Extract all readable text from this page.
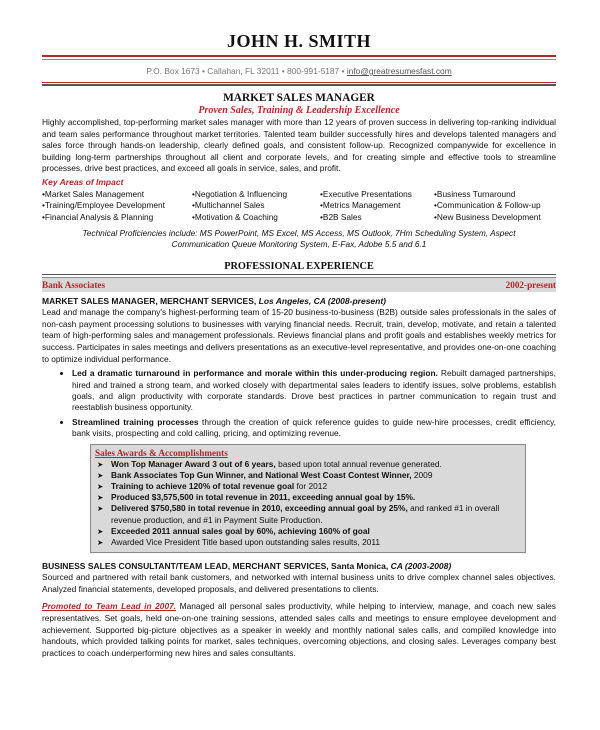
JOHN H. SMITH
P.O. Box 1673 • Callahan, FL 32011 • 800-991-5187 • info@greatresumesfast.com
MARKET SALES MANAGER
Proven Sales, Training & Leadership Excellence

Highly accomplished, top-performing market sales manager with more than 12 years of proven success in delivering top-ranking individual and team sales performance throughout market territories. Talented team builder successfully hires and develops talented managers and sales force through hands-on leadership, clearly defined goals, and consistent follow-up. Recognized companywide for excellence in building long-term partnerships throughout all client and corporate levels, and for creating simple and effective tools to streamline processes, drive best practices, and exceed all goals in service, sales, and profit.

Key Areas of Impact
• Market Sales Management	• Negotiation & Influencing	• Executive Presentations	• Business Turnaround
• Training/Employee Development	• Multichannel Sales	• Metrics Management	• Communication & Follow-up
• Financial Analysis & Planning	• Motivation & Coaching	• B2B Sales	• New Business Development
Technical Proficiencies include: MS PowerPoint, MS Excel, MS Access, MS Outlook, 7Hm Scheduling System, Aspect
Communication Queue Monitoring System, E-Fax, Adobe 5.5 and 6.1
PROFESSIONAL EXPERIENCE
Bank Associates	2002-present
MARKET SALES MANAGER, MERCHANT SERVICES, Los Angeles, CA (2008-present)

Lead and manage the company's highest-performing team of 15-20 business-to-business (B2B) outside sales professionals in the sales of non-cash payment processing solutions to businesses with varying financial needs. Recruit, train, develop, motivate, and retain a talented team of high-performing sales and management professionals. Reviews financial plans and profit goals and establishes weekly metrics for success. Participates in sales meetings and delivers presentations as an executive-level representative, and provides one-on-one coaching to optimize individual performance.

• Led a dramatic turnaround in performance and morale within this under-producing region. Rebuilt damaged partnerships, hired and trained a strong team, and worked closely with departmental sales leaders to identify issues, solve problems, establish goals, and align productivity with corporate standards. Drove best practices in partner communication to regain trust and reestablish business opportunity.
• Streamlined training processes through the creation of quick reference guides to guide new-hire processes, credit efficiency, bank visits, prospecting and cold calling, pricing, and optimizing revenue.
Sales Awards & Accomplishments
➤ Won Top Manager Award 3 out of 6 years, based upon total annual revenue generated.
➤ Bank Associates Top Gun Winner, and National West Coast Contest Winner, 2009
➤ Training to achieve 120% of total revenue goal for 2012
➤ Produced $3,575,500 in total revenue in 2011, exceeding annual goal by 15%.
➤ Delivered $750,580 in total revenue in 2010, exceeding annual goal by 25%, and ranked #1 in overall revenue production, and #1 in Payment Suite Production.
➤ Exceeded 2011 annual sales goal by 60%, achieving 160% of goal
➤ Awarded Vice President Title based upon outstanding sales results, 2011
BUSINESS SALES CONSULTANT/TEAM LEAD, MERCHANT SERVICES, Santa Monica, CA (2003-2008)

Sourced and partnered with retail bank customers, and networked with internal business units to drive complex channel sales objectives. Analyzed financial statements, developed proposals, and delivered presentations to clients.

Promoted to Team Lead in 2007. Managed all personal sales productivity, while helping to interview, manage, and coach new sales representatives. Set goals, held one-on-one training sessions, attended sales calls and meetings to ensure employee development and achievement. Supported big-picture objectives as a speaker in weekly and monthly national sales calls, and compiled knowledge into handouts, which provided talking points for market, sales techniques, overcoming objections, and closing sales. Leverages company best practices to coach underperforming new hires and sales consultants.
